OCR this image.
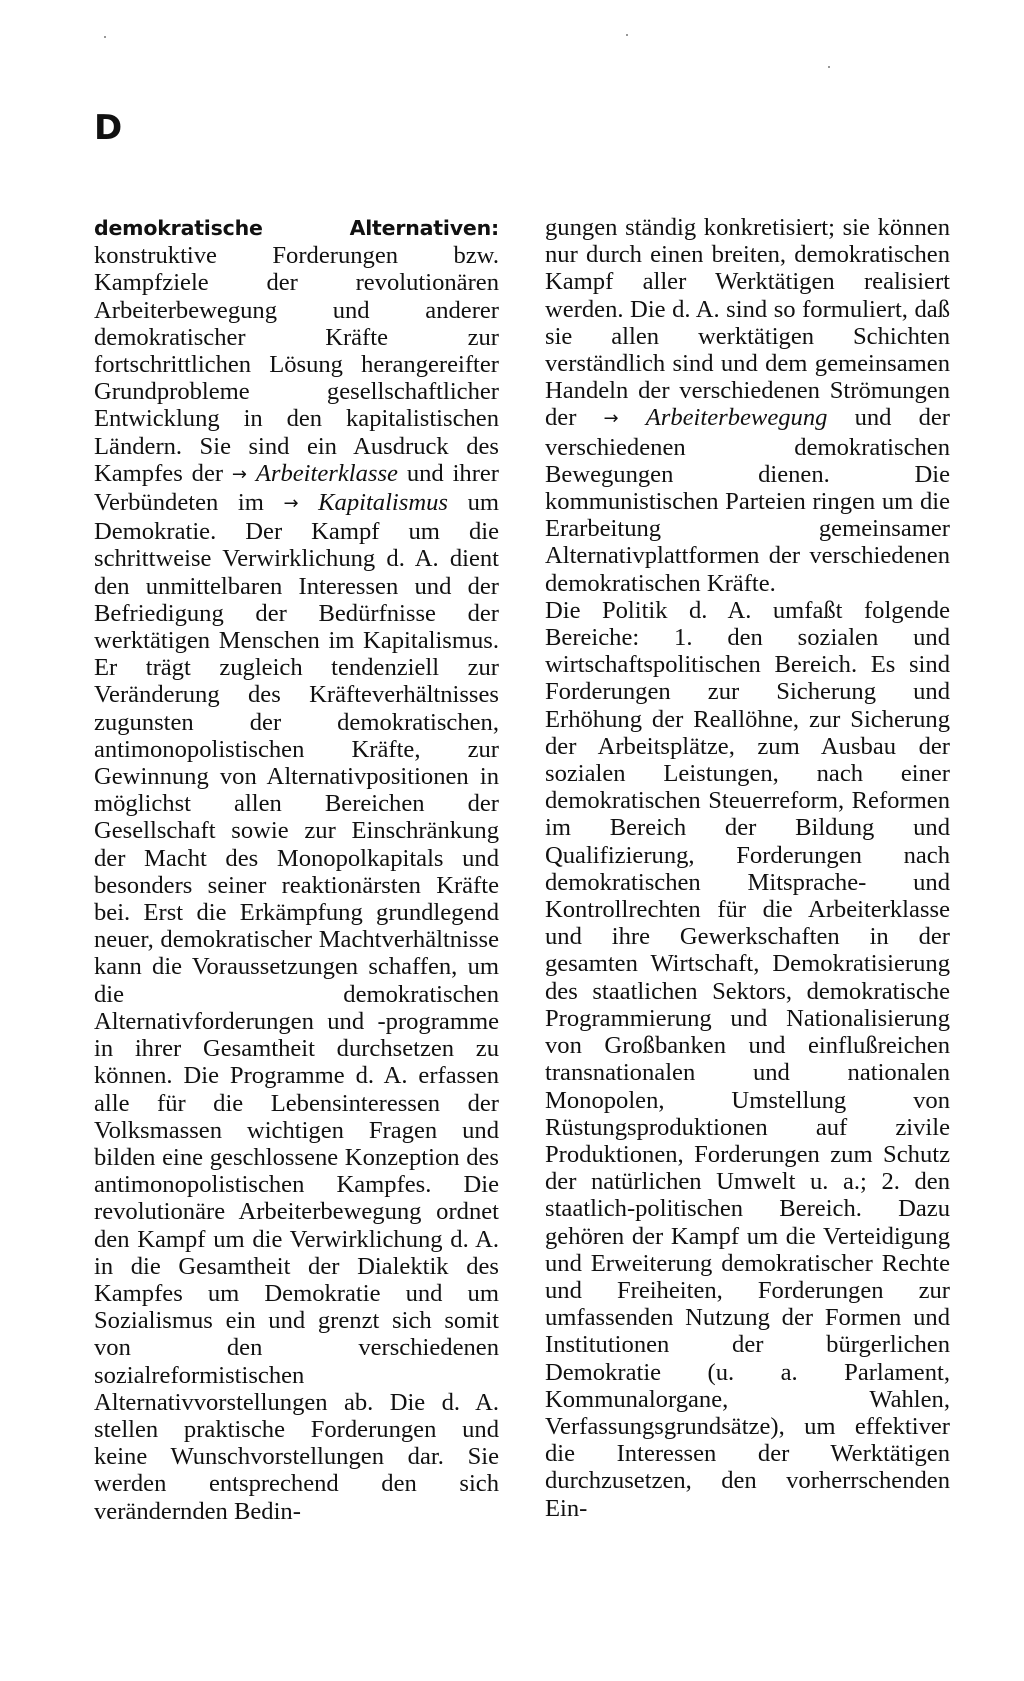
D

demokratische Alternativen: konstruktive Forderungen bzw. Kampfziele der revolutionären Arbeiterbewegung und anderer demokratischer Kräfte zur fortschrittlichen Lösung herangereifter Grundprobleme gesellschaftlicher Entwicklung in den kapitalistischen Ländern. Sie sind ein Ausdruck des Kampfes der → Arbeiterklasse und ihrer Verbündeten im → Kapitalismus um Demokratie. Der Kampf um die schrittweise Verwirklichung d. A. dient den unmittelbaren Interessen und der Befriedigung der Bedürfnisse der werktätigen Menschen im Kapitalismus. Er trägt zugleich tendenziell zur Veränderung des Kräfteverhältnisses zugunsten der demokratischen, antimonopolistischen Kräfte, zur Gewinnung von Alternativpositionen in möglichst allen Bereichen der Gesellschaft sowie zur Einschränkung der Macht des Monopolkapitals und besonders seiner reaktionärsten Kräfte bei. Erst die Erkämpfung grundlegend neuer, demokratischer Machtverhältnisse kann die Voraussetzungen schaffen, um die demokratischen Alternativforderungen und -programme in ihrer Gesamtheit durchsetzen zu können. Die Programme d. A. erfassen alle für die Lebensinteressen der Volksmassen wichtigen Fragen und bilden eine geschlossene Konzeption des antimonopolistischen Kampfes. Die revolutionäre Arbeiterbewegung ordnet den Kampf um die Verwirklichung d. A. in die Gesamtheit der Dialektik des Kampfes um Demokratie und um Sozialismus ein und grenzt sich somit von den verschiedenen sozialreformistischen Alternativvorstellungen ab. Die d. A. stellen praktische Forderungen und keine Wunschvorstellungen dar. Sie werden entsprechend den sich verändernden Bedin-

gungen ständig konkretisiert; sie können nur durch einen breiten, demokratischen Kampf aller Werktätigen realisiert werden. Die d. A. sind so formuliert, daß sie allen werktätigen Schichten verständlich sind und dem gemeinsamen Handeln der verschiedenen Strömungen der → Arbeiterbewegung und der verschiedenen demokratischen Bewegungen dienen. Die kommunistischen Parteien ringen um die Erarbeitung gemeinsamer Alternativplattformen der verschiedenen demokratischen Kräfte.

Die Politik d. A. umfaßt folgende Bereiche: 1. den sozialen und wirtschaftspolitischen Bereich. Es sind Forderungen zur Sicherung und Erhöhung der Reallöhne, zur Sicherung der Arbeitsplätze, zum Ausbau der sozialen Leistungen, nach einer demokratischen Steuerreform, Reformen im Bereich der Bildung und Qualifizierung, Forderungen nach demokratischen Mitsprache- und Kontrollrechten für die Arbeiterklasse und ihre Gewerkschaften in der gesamten Wirtschaft, Demokratisierung des staatlichen Sektors, demokratische Programmierung und Nationalisierung von Großbanken und einflußreichen transnationalen und nationalen Monopolen, Umstellung von Rüstungsproduktionen auf zivile Produktionen, Forderungen zum Schutz der natürlichen Umwelt u. a.; 2. den staatlich-politischen Bereich. Dazu gehören der Kampf um die Verteidigung und Erweiterung demokratischer Rechte und Freiheiten, Forderungen zur umfassenden Nutzung der Formen und Institutionen der bürgerlichen Demokratie (u. a. Parlament, Kommunalorgane, Wahlen, Verfassungsgrundsätze), um effektiver die Interessen der Werktätigen durchzusetzen, den vorherrschenden Ein-
